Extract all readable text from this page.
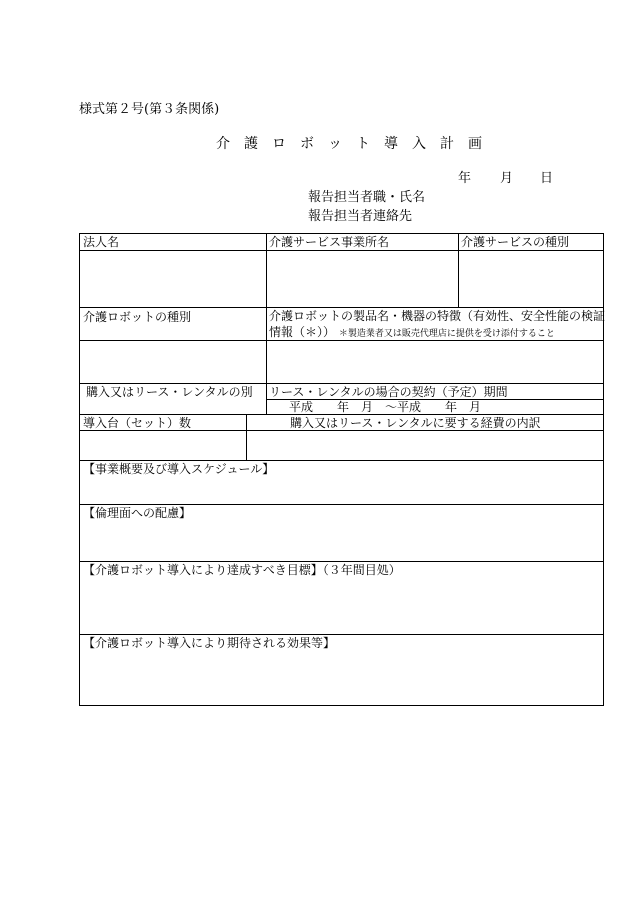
様式第２号(第３条関係)
介護ロボット導入計画
年 月 日
報告担当者職・氏名
報告担当者連絡先
法人名	介護サービス事業所名	介護サービスの種別
介護ロボットの種別	介護ロボットの製品名・機器の特徴（有効性、安全性能の検証
情報（＊）） ＊製造業者又は販売代理店に提供を受け添付すること
購入又はリース・レンタルの別 リース・レンタルの場合の契約（予定）期間
平成　　年　月　～平成　　年　月
導入台（セット）数	購入又はリース・レンタルに要する経費の内訳
【事業概要及び導入スケジュール】
【倫理面への配慮】
【介護ロボット導入により達成すべき目標】（３年間目処）
【介護ロボット導入により期待される効果等】
